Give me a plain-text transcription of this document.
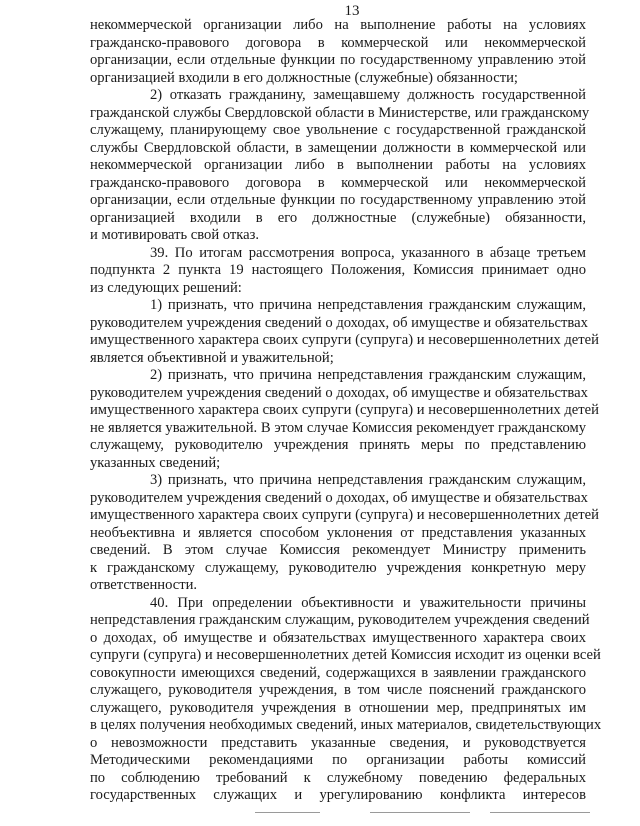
13
некоммерческой организации либо на выполнение работы на условиях
гражданско-правового договора в коммерческой или некоммерческой
организации, если отдельные функции по государственному управлению этой
организацией входили в его должностные (служебные) обязанности;
2) отказать гражданину, замещавшему должность государственной
гражданской службы Свердловской области в Министерстве, или гражданскому
служащему, планирующему свое увольнение с государственной гражданской
службы Свердловской области, в замещении должности в коммерческой или
некоммерческой организации либо в выполнении работы на условиях
гражданско-правового договора в коммерческой или некоммерческой
организации, если отдельные функции по государственному управлению этой
организацией входили в его должностные (служебные) обязанности,
и мотивировать свой отказ.
39. По итогам рассмотрения вопроса, указанного в абзаце третьем
подпункта 2 пункта 19 настоящего Положения, Комиссия принимает одно
из следующих решений:
1) признать, что причина непредставления гражданским служащим,
руководителем учреждения сведений о доходах, об имуществе и обязательствах
имущественного характера своих супруги (супруга) и несовершеннолетних детей
является объективной и уважительной;
2) признать, что причина непредставления гражданским служащим,
руководителем учреждения сведений о доходах, об имуществе и обязательствах
имущественного характера своих супруги (супруга) и несовершеннолетних детей
не является уважительной. В этом случае Комиссия рекомендует гражданскому
служащему, руководителю учреждения принять меры по представлению
указанных сведений;
3) признать, что причина непредставления гражданским служащим,
руководителем учреждения сведений о доходах, об имуществе и обязательствах
имущественного характера своих супруги (супруга) и несовершеннолетних детей
необъективна и является способом уклонения от представления указанных
сведений. В этом случае Комиссия рекомендует Министру применить
к гражданскому служащему, руководителю учреждения конкретную меру
ответственности.
40. При определении объективности и уважительности причины
непредставления гражданским служащим, руководителем учреждения сведений
о доходах, об имуществе и обязательствах имущественного характера своих
супруги (супруга) и несовершеннолетних детей Комиссия исходит из оценки всей
совокупности имеющихся сведений, содержащихся в заявлении гражданского
служащего, руководителя учреждения, в том числе пояснений гражданского
служащего, руководителя учреждения в отношении мер, предпринятых им
в целях получения необходимых сведений, иных материалов, свидетельствующих
о невозможности представить указанные сведения, и руководствуется
Методическими рекомендациями по организации работы комиссий
по соблюдению требований к служебному поведению федеральных
государственных служащих и урегулированию конфликта интересов
